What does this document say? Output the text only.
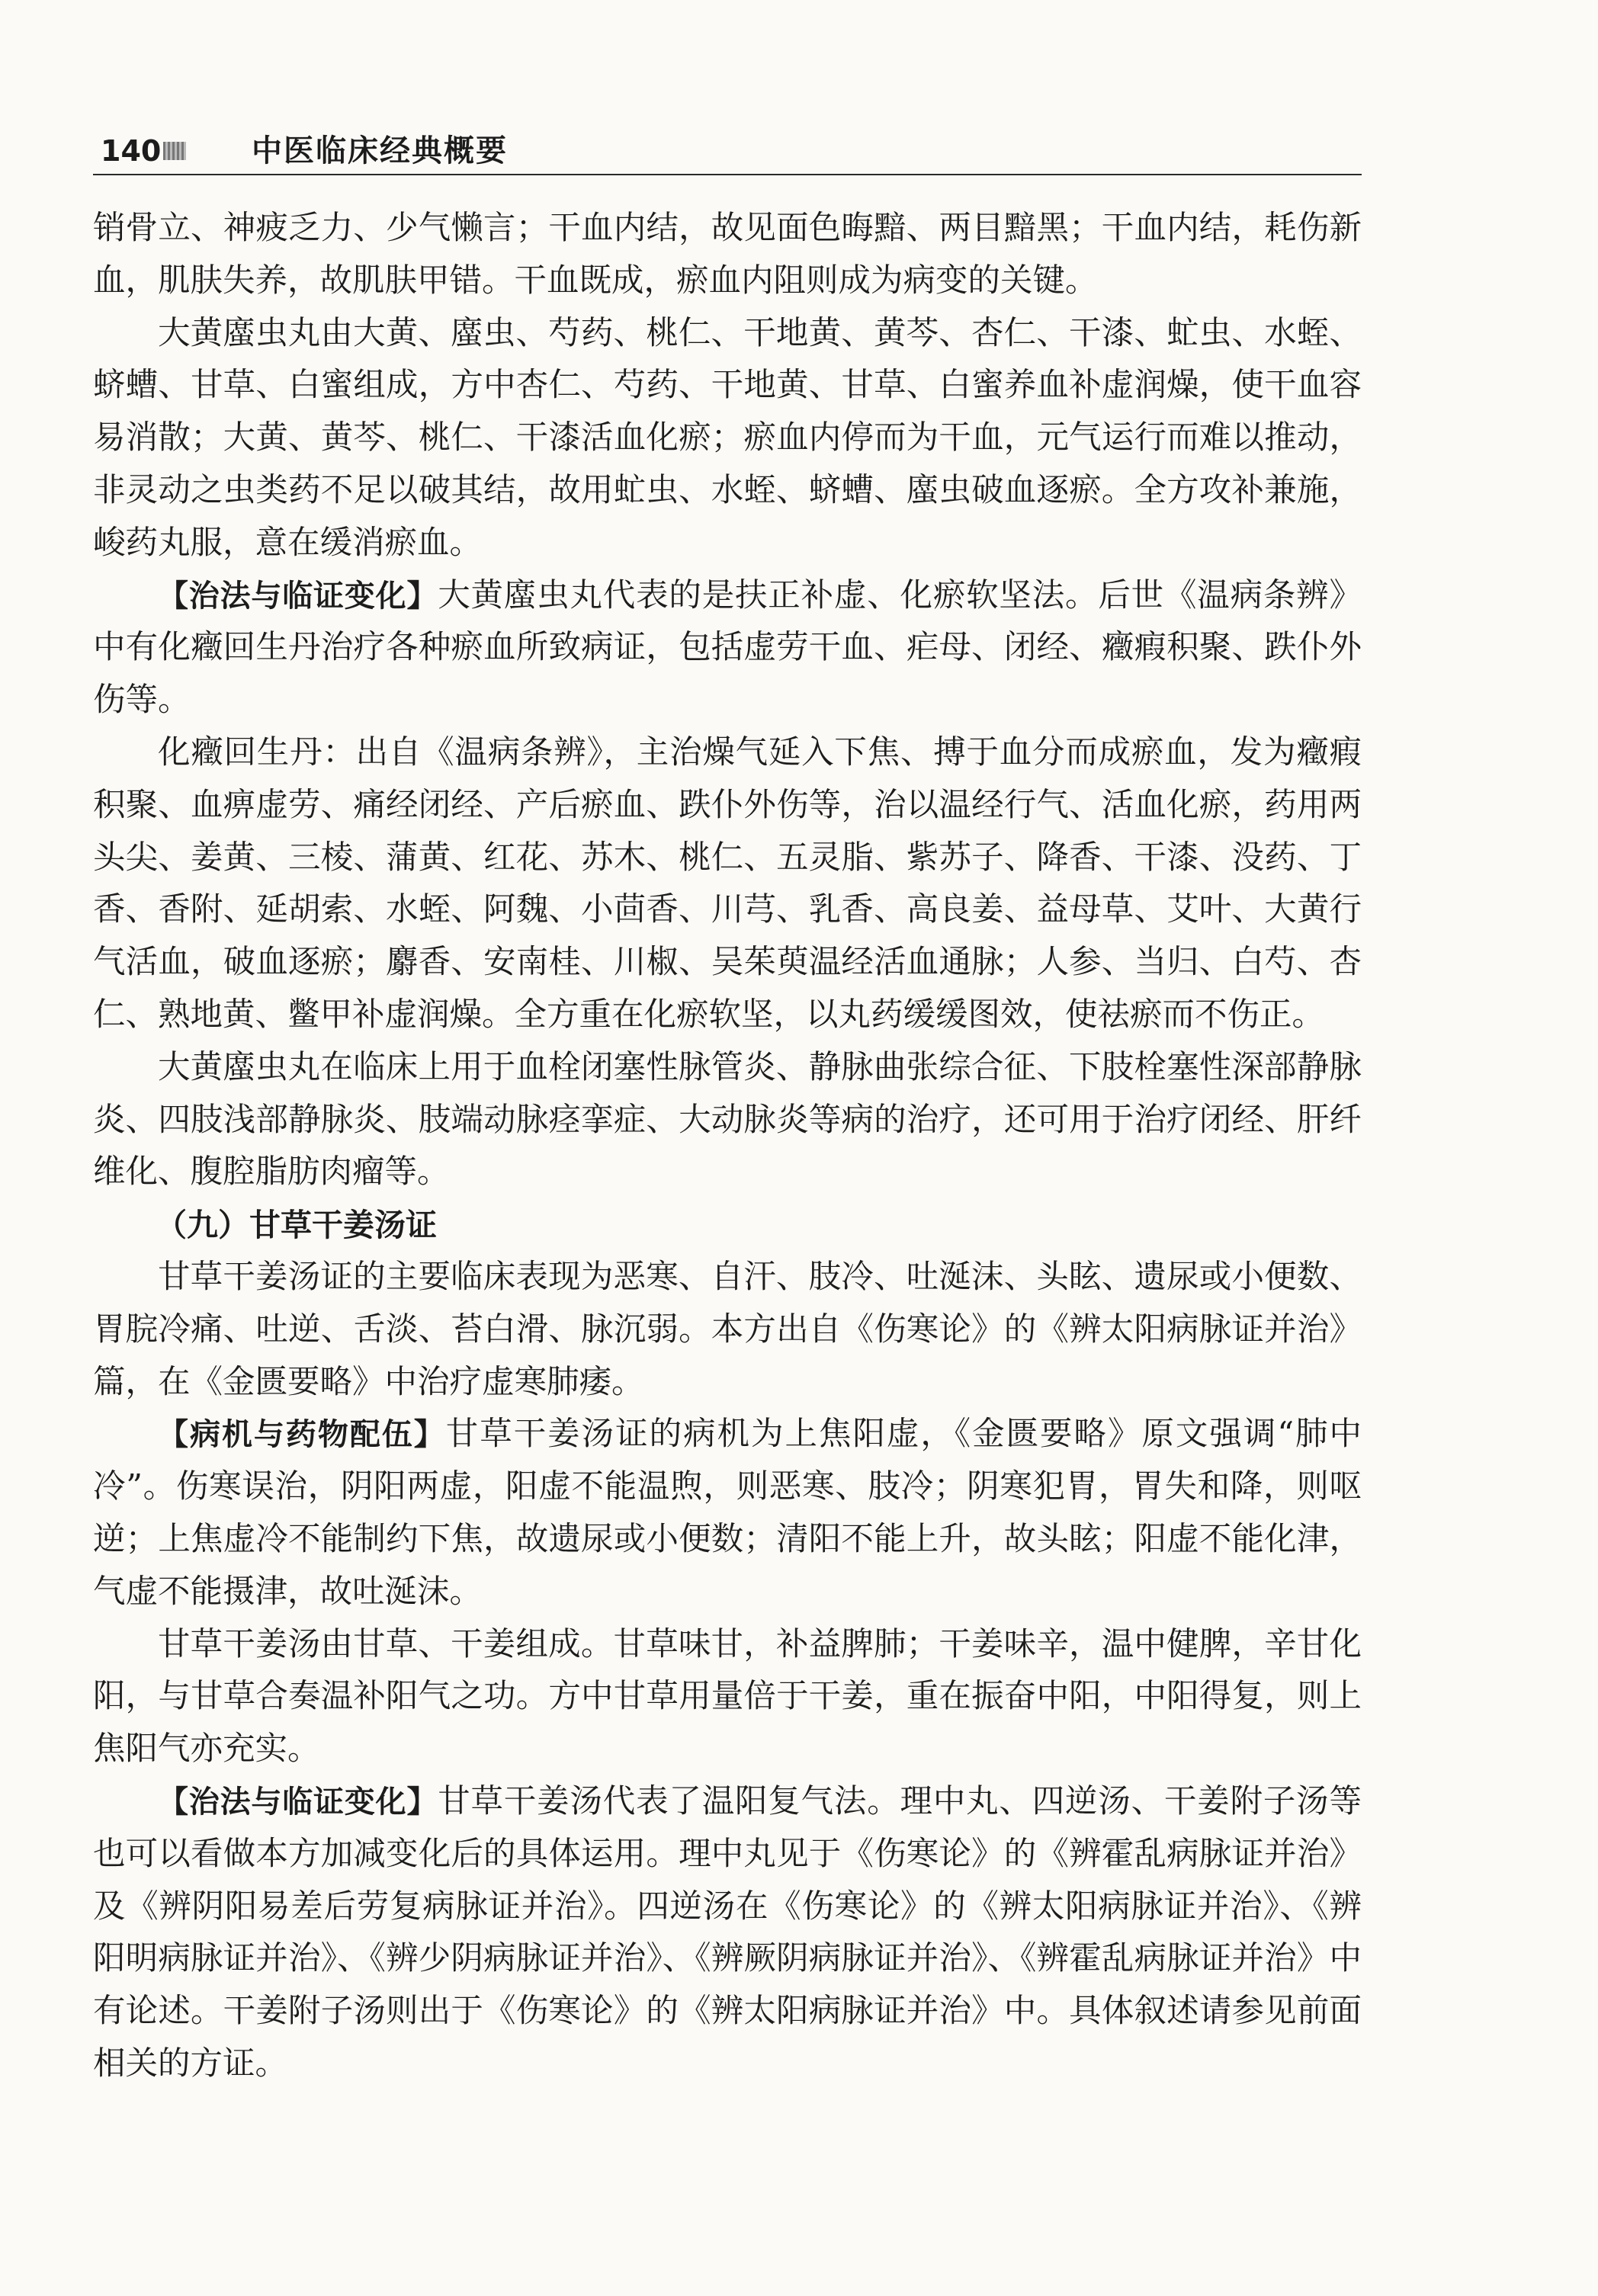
140	中医临床经典概要

销骨立、神疲乏力、少气懒言；干血内结，故见面色晦黯、两目黯黑；干血内结，耗伤新血，肌肤失养，故肌肤甲错。干血既成，瘀血内阻则成为病变的关键。

大黄䗪虫丸由大黄、䗪虫、芍药、桃仁、干地黄、黄芩、杏仁、干漆、虻虫、水蛭、蛴螬、甘草、白蜜组成，方中杏仁、芍药、干地黄、甘草、白蜜养血补虚润燥，使干血容易消散；大黄、黄芩、桃仁、干漆活血化瘀；瘀血内停而为干血，元气运行而难以推动，非灵动之虫类药不足以破其结，故用虻虫、水蛭、蛴螬、䗪虫破血逐瘀。全方攻补兼施，峻药丸服，意在缓消瘀血。

【治法与临证变化】大黄䗪虫丸代表的是扶正补虚、化瘀软坚法。后世《温病条辨》中有化癥回生丹治疗各种瘀血所致病证，包括虚劳干血、疟母、闭经、癥瘕积聚、跌仆外伤等。

化癥回生丹：出自《温病条辨》，主治燥气延入下焦、搏于血分而成瘀血，发为癥瘕积聚、血痹虚劳、痛经闭经、产后瘀血、跌仆外伤等，治以温经行气、活血化瘀，药用两头尖、姜黄、三棱、蒲黄、红花、苏木、桃仁、五灵脂、紫苏子、降香、干漆、没药、丁香、香附、延胡索、水蛭、阿魏、小茴香、川芎、乳香、高良姜、益母草、艾叶、大黄行气活血，破血逐瘀；麝香、安南桂、川椒、吴茱萸温经活血通脉；人参、当归、白芍、杏仁、熟地黄、鳖甲补虚润燥。全方重在化瘀软坚，以丸药缓缓图效，使祛瘀而不伤正。

大黄䗪虫丸在临床上用于血栓闭塞性脉管炎、静脉曲张综合征、下肢栓塞性深部静脉炎、四肢浅部静脉炎、肢端动脉痉挛症、大动脉炎等病的治疗，还可用于治疗闭经、肝纤维化、腹腔脂肪肉瘤等。

（九）甘草干姜汤证

甘草干姜汤证的主要临床表现为恶寒、自汗、肢冷、吐涎沫、头眩、遗尿或小便数、胃脘冷痛、吐逆、舌淡、苔白滑、脉沉弱。本方出自《伤寒论》的《辨太阳病脉证并治》篇，在《金匮要略》中治疗虚寒肺痿。

【病机与药物配伍】甘草干姜汤证的病机为上焦阳虚，《金匮要略》原文强调“肺中冷”。伤寒误治，阴阳两虚，阳虚不能温煦，则恶寒、肢冷；阴寒犯胃，胃失和降，则呕逆；上焦虚冷不能制约下焦，故遗尿或小便数；清阳不能上升，故头眩；阳虚不能化津，气虚不能摄津，故吐涎沫。

甘草干姜汤由甘草、干姜组成。甘草味甘，补益脾肺；干姜味辛，温中健脾，辛甘化阳，与甘草合奏温补阳气之功。方中甘草用量倍于干姜，重在振奋中阳，中阳得复，则上焦阳气亦充实。

【治法与临证变化】甘草干姜汤代表了温阳复气法。理中丸、四逆汤、干姜附子汤等也可以看做本方加减变化后的具体运用。理中丸见于《伤寒论》的《辨霍乱病脉证并治》及《辨阴阳易差后劳复病脉证并治》。四逆汤在《伤寒论》的《辨太阳病脉证并治》、《辨阳明病脉证并治》、《辨少阴病脉证并治》、《辨厥阴病脉证并治》、《辨霍乱病脉证并治》中有论述。干姜附子汤则出于《伤寒论》的《辨太阳病脉证并治》中。具体叙述请参见前面相关的方证。
